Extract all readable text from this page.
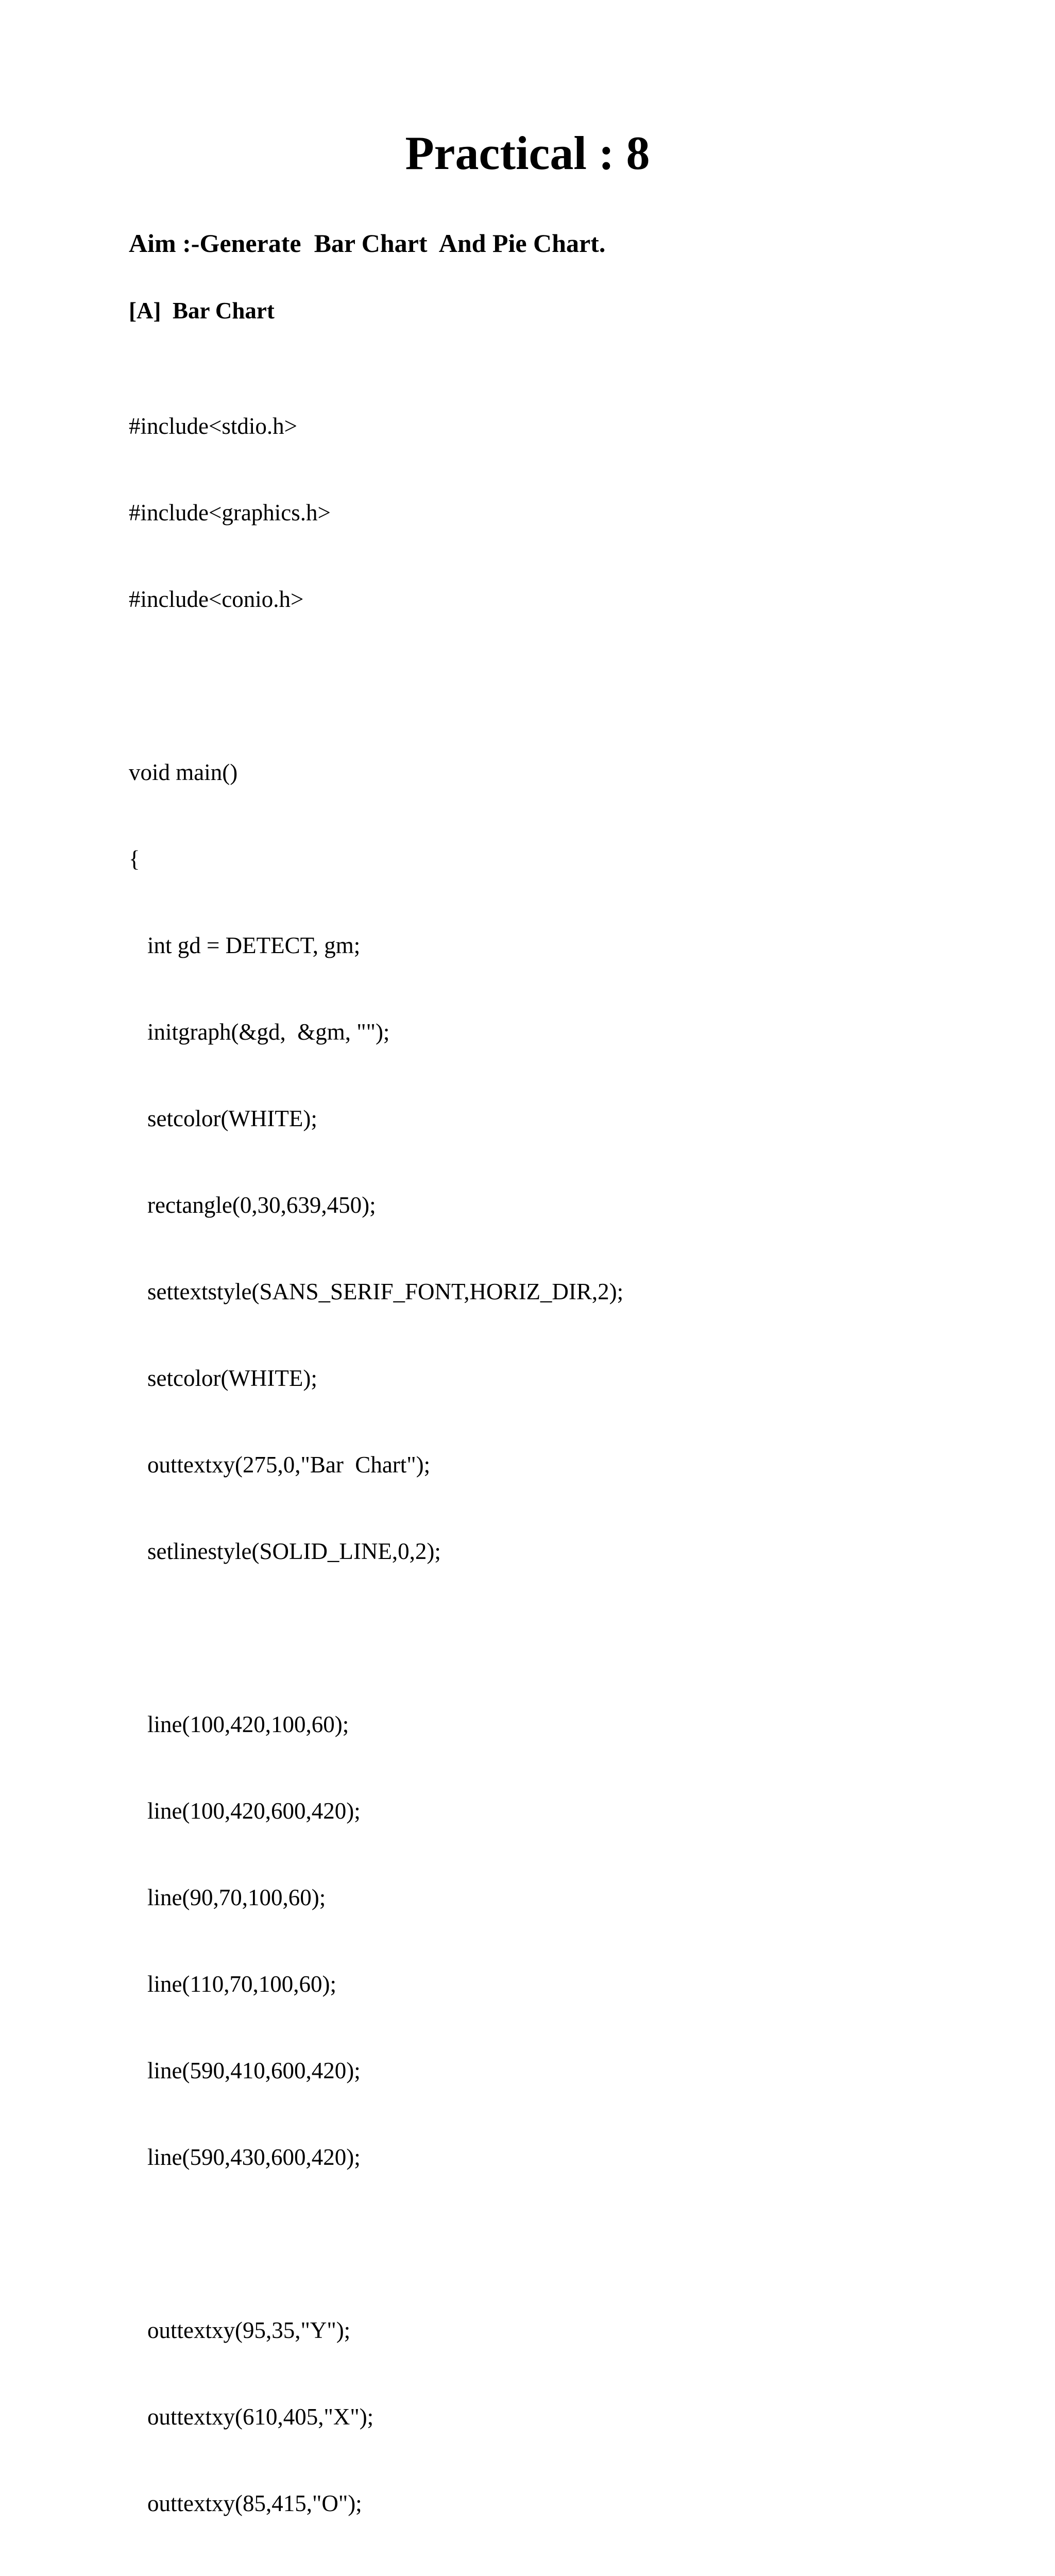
Practical : 8
Aim :-Generate  Bar Chart  And Pie Chart.
[A]  Bar Chart

#include<stdio.h>

#include<graphics.h>

#include<conio.h>

void main()

{

int gd = DETECT, gm;

initgraph(&gd,  &gm, "");

setcolor(WHITE);

rectangle(0,30,639,450);

settextstyle(SANS_SERIF_FONT,HORIZ_DIR,2);

setcolor(WHITE);

outtextxy(275,0,"Bar  Chart");

setlinestyle(SOLID_LINE,0,2);

line(100,420,100,60);

line(100,420,600,420);

line(90,70,100,60);

line(110,70,100,60);

line(590,410,600,420);

line(590,430,600,420);

outtextxy(95,35,"Y");

outtextxy(610,405,"X");

outtextxy(85,415,"O");
